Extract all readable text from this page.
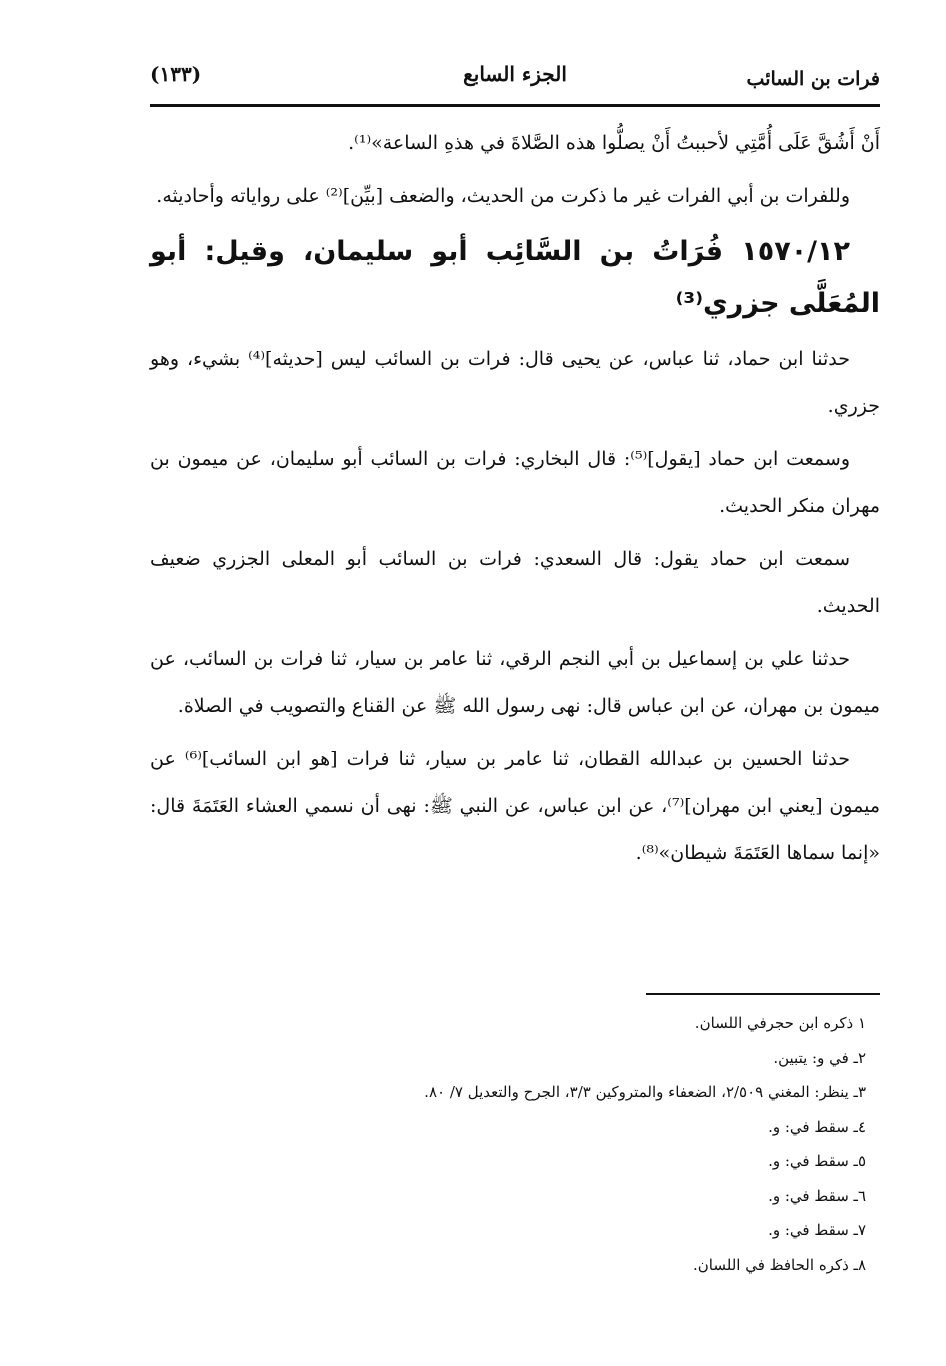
فرات بن السائب
الجزء السابع
(١٣٣)

أَنْ أَشُقَّ عَلَى أُمَّتِي لأحببتُ أَنْ يصلُّوا هذه الصَّلاةَ في هذهِ الساعة»⁽¹⁾.

وللفرات بن أبي الفرات غير ما ذكرت من الحديث، والضعف [بيِّن]⁽²⁾ على رواياته وأحاديثه.

١٥٧٠/١٢ فُرَاتُ بن السَّائِب أبو سليمان، وقيل: أبو المُعَلَّى جزري⁽³⁾

حدثنا ابن حماد، ثنا عباس، عن يحيى قال: فرات بن السائب ليس [حديثه]⁽⁴⁾ بشيء، وهو جزري.

وسمعت ابن حماد [يقول]⁽⁵⁾: قال البخاري: فرات بن السائب أبو سليمان، عن ميمون بن مهران منكر الحديث.

سمعت ابن حماد يقول: قال السعدي: فرات بن السائب أبو المعلى الجزري ضعيف الحديث.

حدثنا علي بن إسماعيل بن أبي النجم الرقي، ثنا عامر بن سيار، ثنا فرات بن السائب، عن ميمون بن مهران، عن ابن عباس قال: نهى رسول الله ﷺ عن القناع والتصويب في الصلاة.

حدثنا الحسين بن عبدالله القطان، ثنا عامر بن سيار، ثنا فرات [هو ابن السائب]⁽⁶⁾ عن ميمون [يعني ابن مهران]⁽⁷⁾، عن ابن عباس، عن النبي ﷺ: نهى أن نسمي العشاء العَتَمَةَ قال: «إنما سماها العَتَمَةَ شيطان»⁽⁸⁾.

١ ذكره ابن حجرفي اللسان.

٢ـ في و: يتبين.

٣ـ ينظر: المغني ٢/٥٠٩، الضعفاء والمتروكين ٣/٣، الجرح والتعديل ٧/ ٨٠.

٤ـ سقط في: و.

٥ـ سقط في: و.

٦ـ سقط في: و.

٧ـ سقط في: و.

٨ـ ذكره الحافظ في اللسان.
